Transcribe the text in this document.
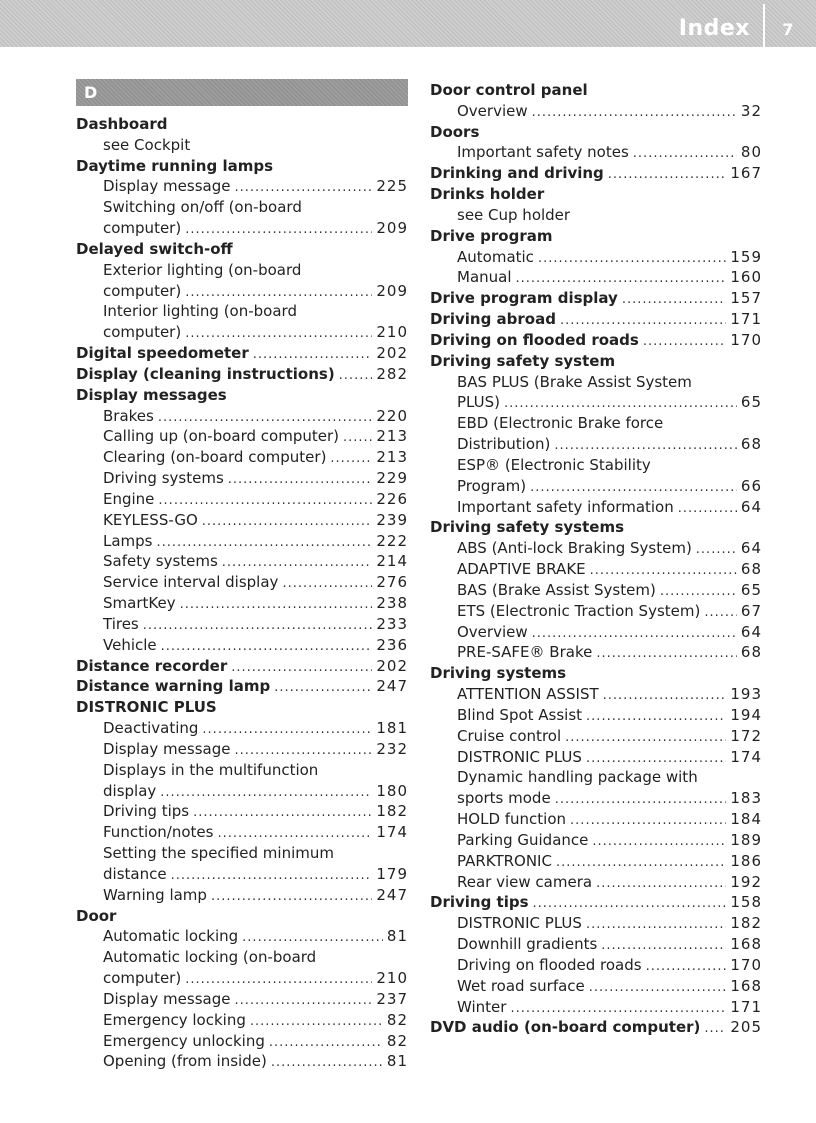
Index	7
D
Dashboard
see Cockpit
Daytime running lamps
Display message .....	225
Switching on/off (on-board
computer) .....	209
Delayed switch-off
Exterior lighting (on-board
computer) .....	209
Interior lighting (on-board
computer) .....	210
Digital speedometer .....	202
Display (cleaning instructions) .....	282
Display messages
Brakes .....	220
Calling up (on-board computer) ..... 213
Clearing (on-board computer) .....	213
Driving systems .....	229
Engine .....	226
KEYLESS-GO .....	239
Lamps .....	222
Safety systems .....	214
Service interval display .....	276
SmartKey .....	238
Tires .....	233
Vehicle .....	236
Distance recorder .....	202
Distance warning lamp .....	247
DISTRONIC PLUS
Deactivating .....	181
Display message .....	232
Displays in the multifunction
display .....	180
Driving tips .....	182
Function/notes .....	174
Setting the specified minimum
distance .....	179
Warning lamp .....	247
Door
Automatic locking .....	81
Automatic locking (on-board
computer) .....	210
Display message .....	237
Emergency locking .....	82
Emergency unlocking .....	82
Opening (from inside) .....	81
Door control panel
Overview .....	32
Doors
Important safety notes .....	80
Drinking and driving .....	167
Drinks holder
see Cup holder
Drive program
Automatic .....	159
Manual .....	160
Drive program display .....	157
Driving abroad .....	171
Driving on flooded roads .....	170
Driving safety system
BAS PLUS (Brake Assist System
PLUS) .....	65
EBD (Electronic Brake force
Distribution) .....	68
ESP® (Electronic Stability
Program) .....	66
Important safety information .....	64
Driving safety systems
ABS (Anti-lock Braking System) .....	64
ADAPTIVE BRAKE .....	68
BAS (Brake Assist System) .....	65
ETS (Electronic Traction System) .....	67
Overview .....	64
PRE-SAFE® Brake .....	68
Driving systems
ATTENTION ASSIST .....	193
Blind Spot Assist .....	194
Cruise control .....	172
DISTRONIC PLUS .....	174
Dynamic handling package with
sports mode .....	183
HOLD function .....	184
Parking Guidance .....	189
PARKTRONIC .....	186
Rear view camera .....	192
Driving tips .....	158
DISTRONIC PLUS .....	182
Downhill gradients .....	168
Driving on flooded roads .....	170
Wet road surface .....	168
Winter .....	171
DVD audio (on-board computer) ..... 205
